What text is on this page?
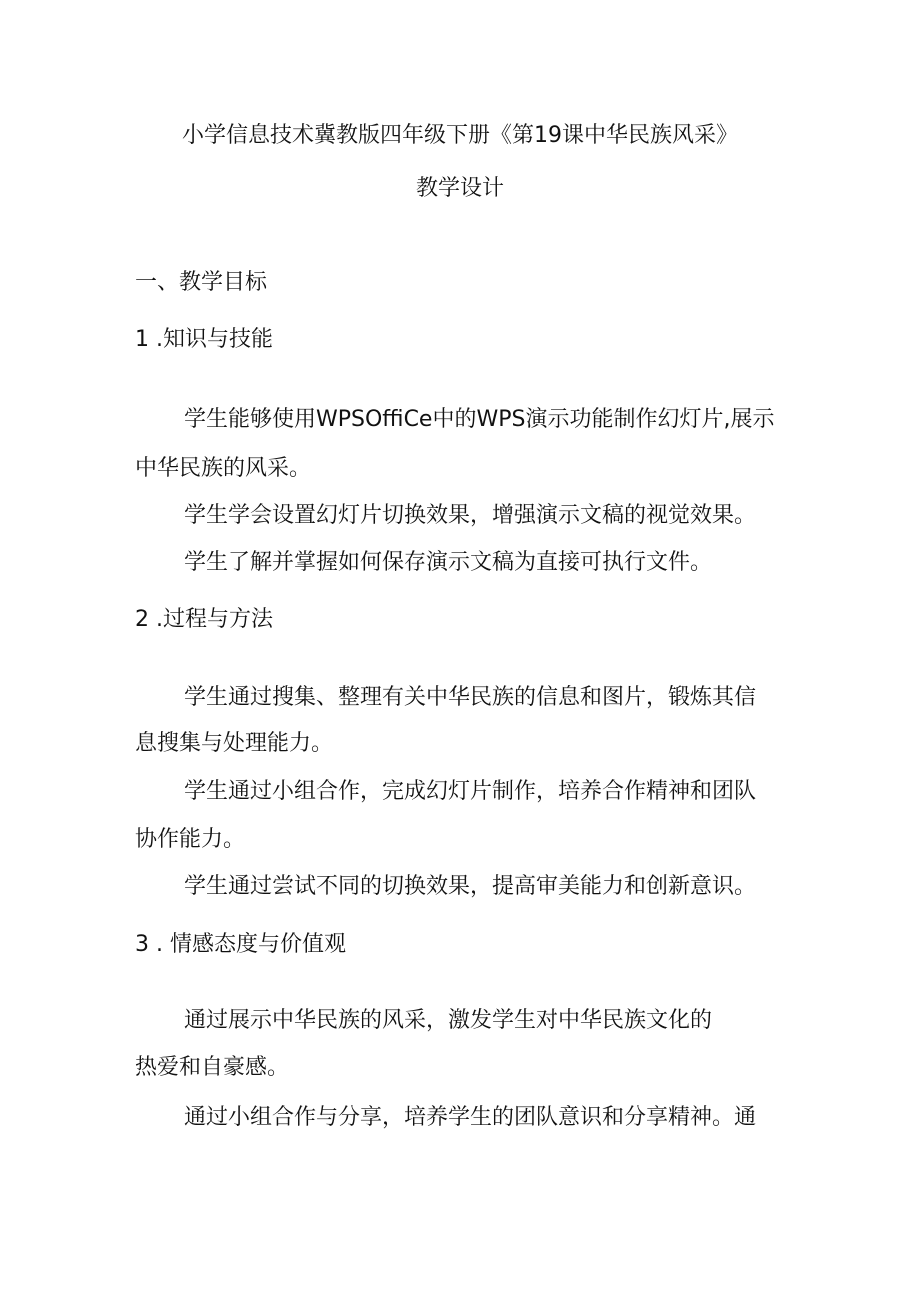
小学信息技术冀教版四年级下册《第19课中华民族风采》
教学设计
一、教学目标
1 .知识与技能
学生能够使用WPSOffiCe中的WPS演示功能制作幻灯片,展示
中华民族的风采。
学生学会设置幻灯片切换效果，增强演示文稿的视觉效果。
学生了解并掌握如何保存演示文稿为直接可执行文件。
2 .过程与方法
学生通过搜集、整理有关中华民族的信息和图片，锻炼其信
息搜集与处理能力。
学生通过小组合作，完成幻灯片制作，培养合作精神和团队
协作能力。
学生通过尝试不同的切换效果，提高审美能力和创新意识。
3 . 情感态度与价值观
通过展示中华民族的风采，激发学生对中华民族文化的
热爱和自豪感。
通过小组合作与分享，培养学生的团队意识和分享精神。通
